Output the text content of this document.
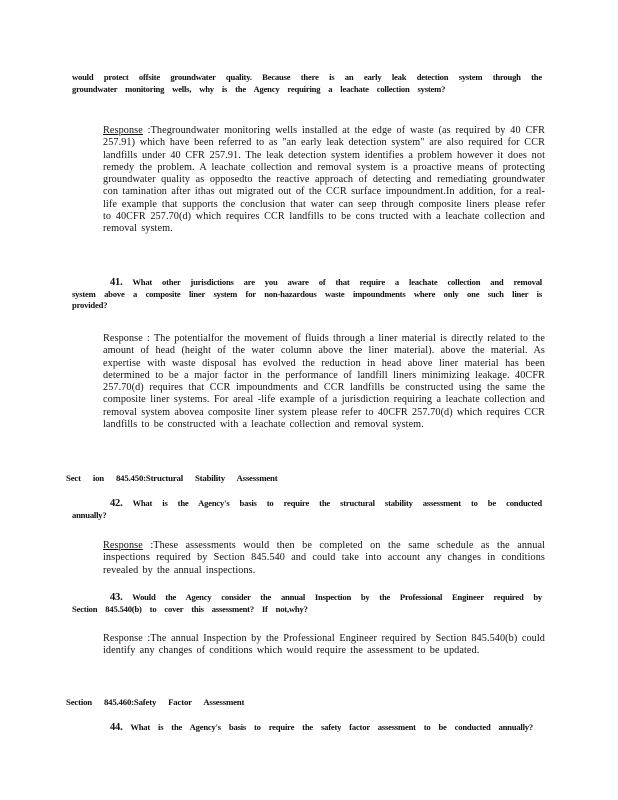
would protect offsite groundwater quality. Because there is an early leak detection system through the groundwater monitoring wells, why is the Agency requiring a leachate collection system?
Response :Thegroundwater monitoring wells installed at the edge of waste (as required by 40 CFR 257.91) which have been referred to as "an early leak detection system" are also required for CCR landfills under 40 CFR 257.91. The leak detection system identifies a problem however it does not remedy the problem. A leachate collection and removal system is a proactive means of protecting groundwater quality as opposedto the reactive approach of detecting and remediating groundwater con tamination after ithas out migrated out of the CCR surface impoundment.In addition, for a real- life example that supports the conclusion that water can seep through composite liners please refer to 40CFR 257.70(d) which requires CCR landfills to be cons tructed with a leachate collection and removal system.
41. What other jurisdictions are you aware of that require a leachate collection and removal system above a composite liner system for non-hazardous waste impoundments where only one such liner is provided?
Response : The potentialfor the movement of fluids through a liner material is directly related to the amount of head (height of the water column above the liner material). above the material. As expertise with waste disposal has evolved the reduction in head above liner material has been determined to be a major factor in the performance of landfill liners minimizing leakage. 40CFR 257.70(d) requires that CCR impoundments and CCR landfills be constructed using the same the composite liner systems. For areal -life example of a jurisdiction requiring a leachate collection and removal system abovea composite liner system please refer to 40CFR 257.70(d) which requires CCR landfills to be constructed with a leachate collection and removal system.
Sect ion 845.450:Structural Stability Assessment
42. What is the Agency's basis to require the structural stability assessment to be conducted annually?
Response :These assessments would then be completed on the same schedule as the annual inspections required by Section 845.540 and could take into account any changes in conditions revealed by the annual inspections.
43. Would the Agency consider the annual Inspection by the Professional Engineer required by Section 845.540(b) to cover this assessment? If not,why?
Response :The annual Inspection by the Professional Engineer required by Section 845.540(b) could identify any changes of conditions which would require the assessment to be updated.
Section 845.460:Safety Factor Assessment
44. What is the Agency's basis to require the safety factor assessment to be conducted annually?
